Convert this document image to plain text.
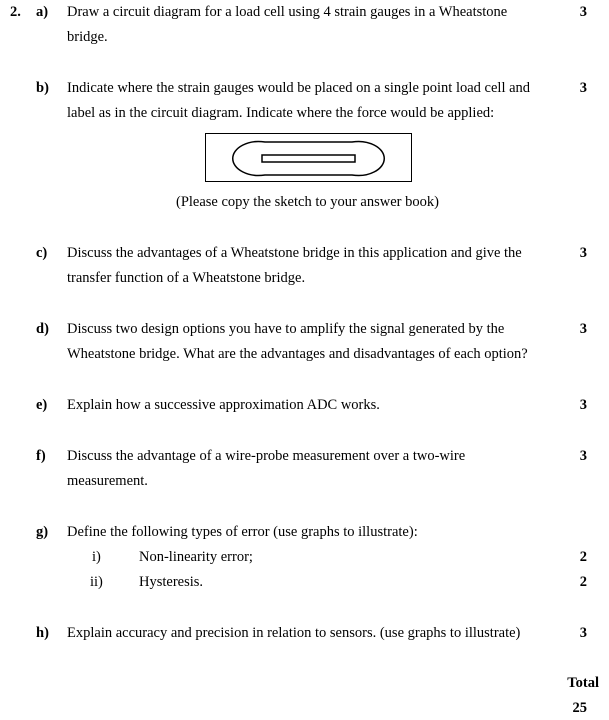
2. a) Draw a circuit diagram for a load cell using 4 strain gauges in a Wheatstone
bridge.
3
b) Indicate where the strain gauges would be placed on a single point load cell and
label as in the circuit diagram. Indicate where the force would be applied:
3
(Please copy the sketch to your answer book)
c) Discuss the advantages of a Wheatstone bridge in this application and give the
transfer function of a Wheatstone bridge.
3
d) Discuss two design options you have to amplify the signal generated by the
Wheatstone bridge. What are the advantages and disadvantages of each option?
3
e) Explain how a successive approximation ADC works.	3
f) Discuss the advantage of a wire-probe measurement over a two-wire
measurement.
3
g) Define the following types of error (use graphs to illustrate):
i)	Non-linearity error;	2
ii) Hysteresis.	2
h) Explain accuracy and precision in relation to sensors. (use graphs to illustrate)	3
Total
25
